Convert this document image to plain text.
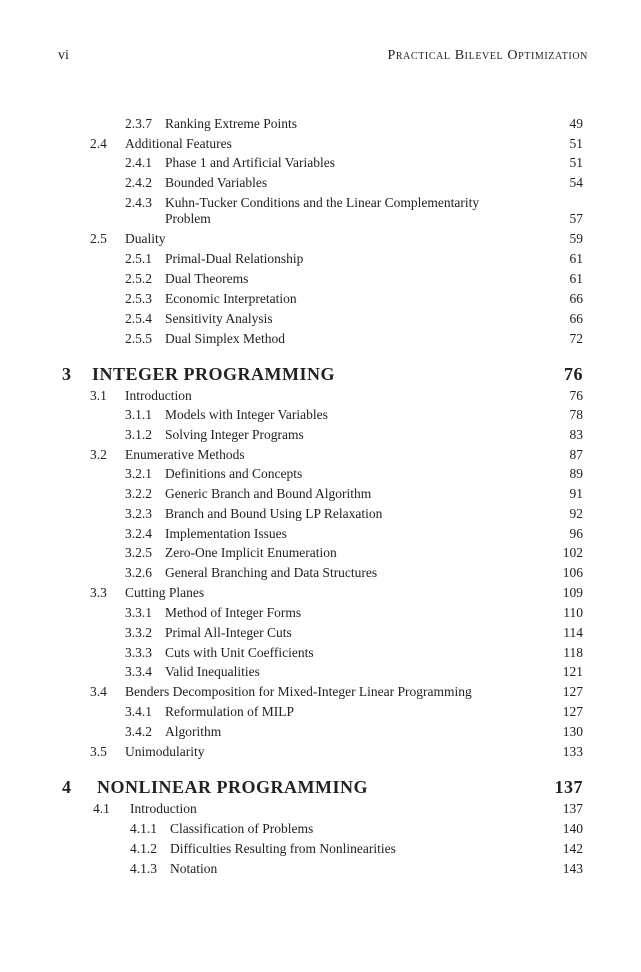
vi	Practical Bilevel Optimization
2.3.7 Ranking Extreme Points	49
2.4 Additional Features	51
2.4.1 Phase 1 and Artificial Variables	51
2.4.2 Bounded Variables	54
2.4.3 Kuhn-Tucker Conditions and the Linear Complementarity
Problem	57
2.5 Duality	59
2.5.1 Primal-Dual Relationship	61
2.5.2 Dual Theorems	61
2.5.3 Economic Interpretation	66
2.5.4 Sensitivity Analysis	66
2.5.5 Dual Simplex Method	72
3 INTEGER PROGRAMMING	76
3.1 Introduction	76
3.1.1 Models with Integer Variables	78
3.1.2 Solving Integer Programs	83
3.2 Enumerative Methods	87
3.2.1 Definitions and Concepts	89
3.2.2 Generic Branch and Bound Algorithm	91
3.2.3 Branch and Bound Using LP Relaxation	92
3.2.4 Implementation Issues	96
3.2.5 Zero-One Implicit Enumeration	102
3.2.6 General Branching and Data Structures	106
3.3 Cutting Planes	109
3.3.1 Method of Integer Forms	110
3.3.2 Primal All-Integer Cuts	114
3.3.3 Cuts with Unit Coefficients	118
3.3.4 Valid Inequalities	121
3.4 Benders Decomposition for Mixed-Integer Linear Programming	127
3.4.1 Reformulation of MILP	127
3.4.2 Algorithm	130
3.5 Unimodularity	133
4 NONLINEAR PROGRAMMING	137
4.1 Introduction	137
4.1.1 Classification of Problems	140
4.1.2 Difficulties Resulting from Nonlinearities	142
4.1.3 Notation	143
